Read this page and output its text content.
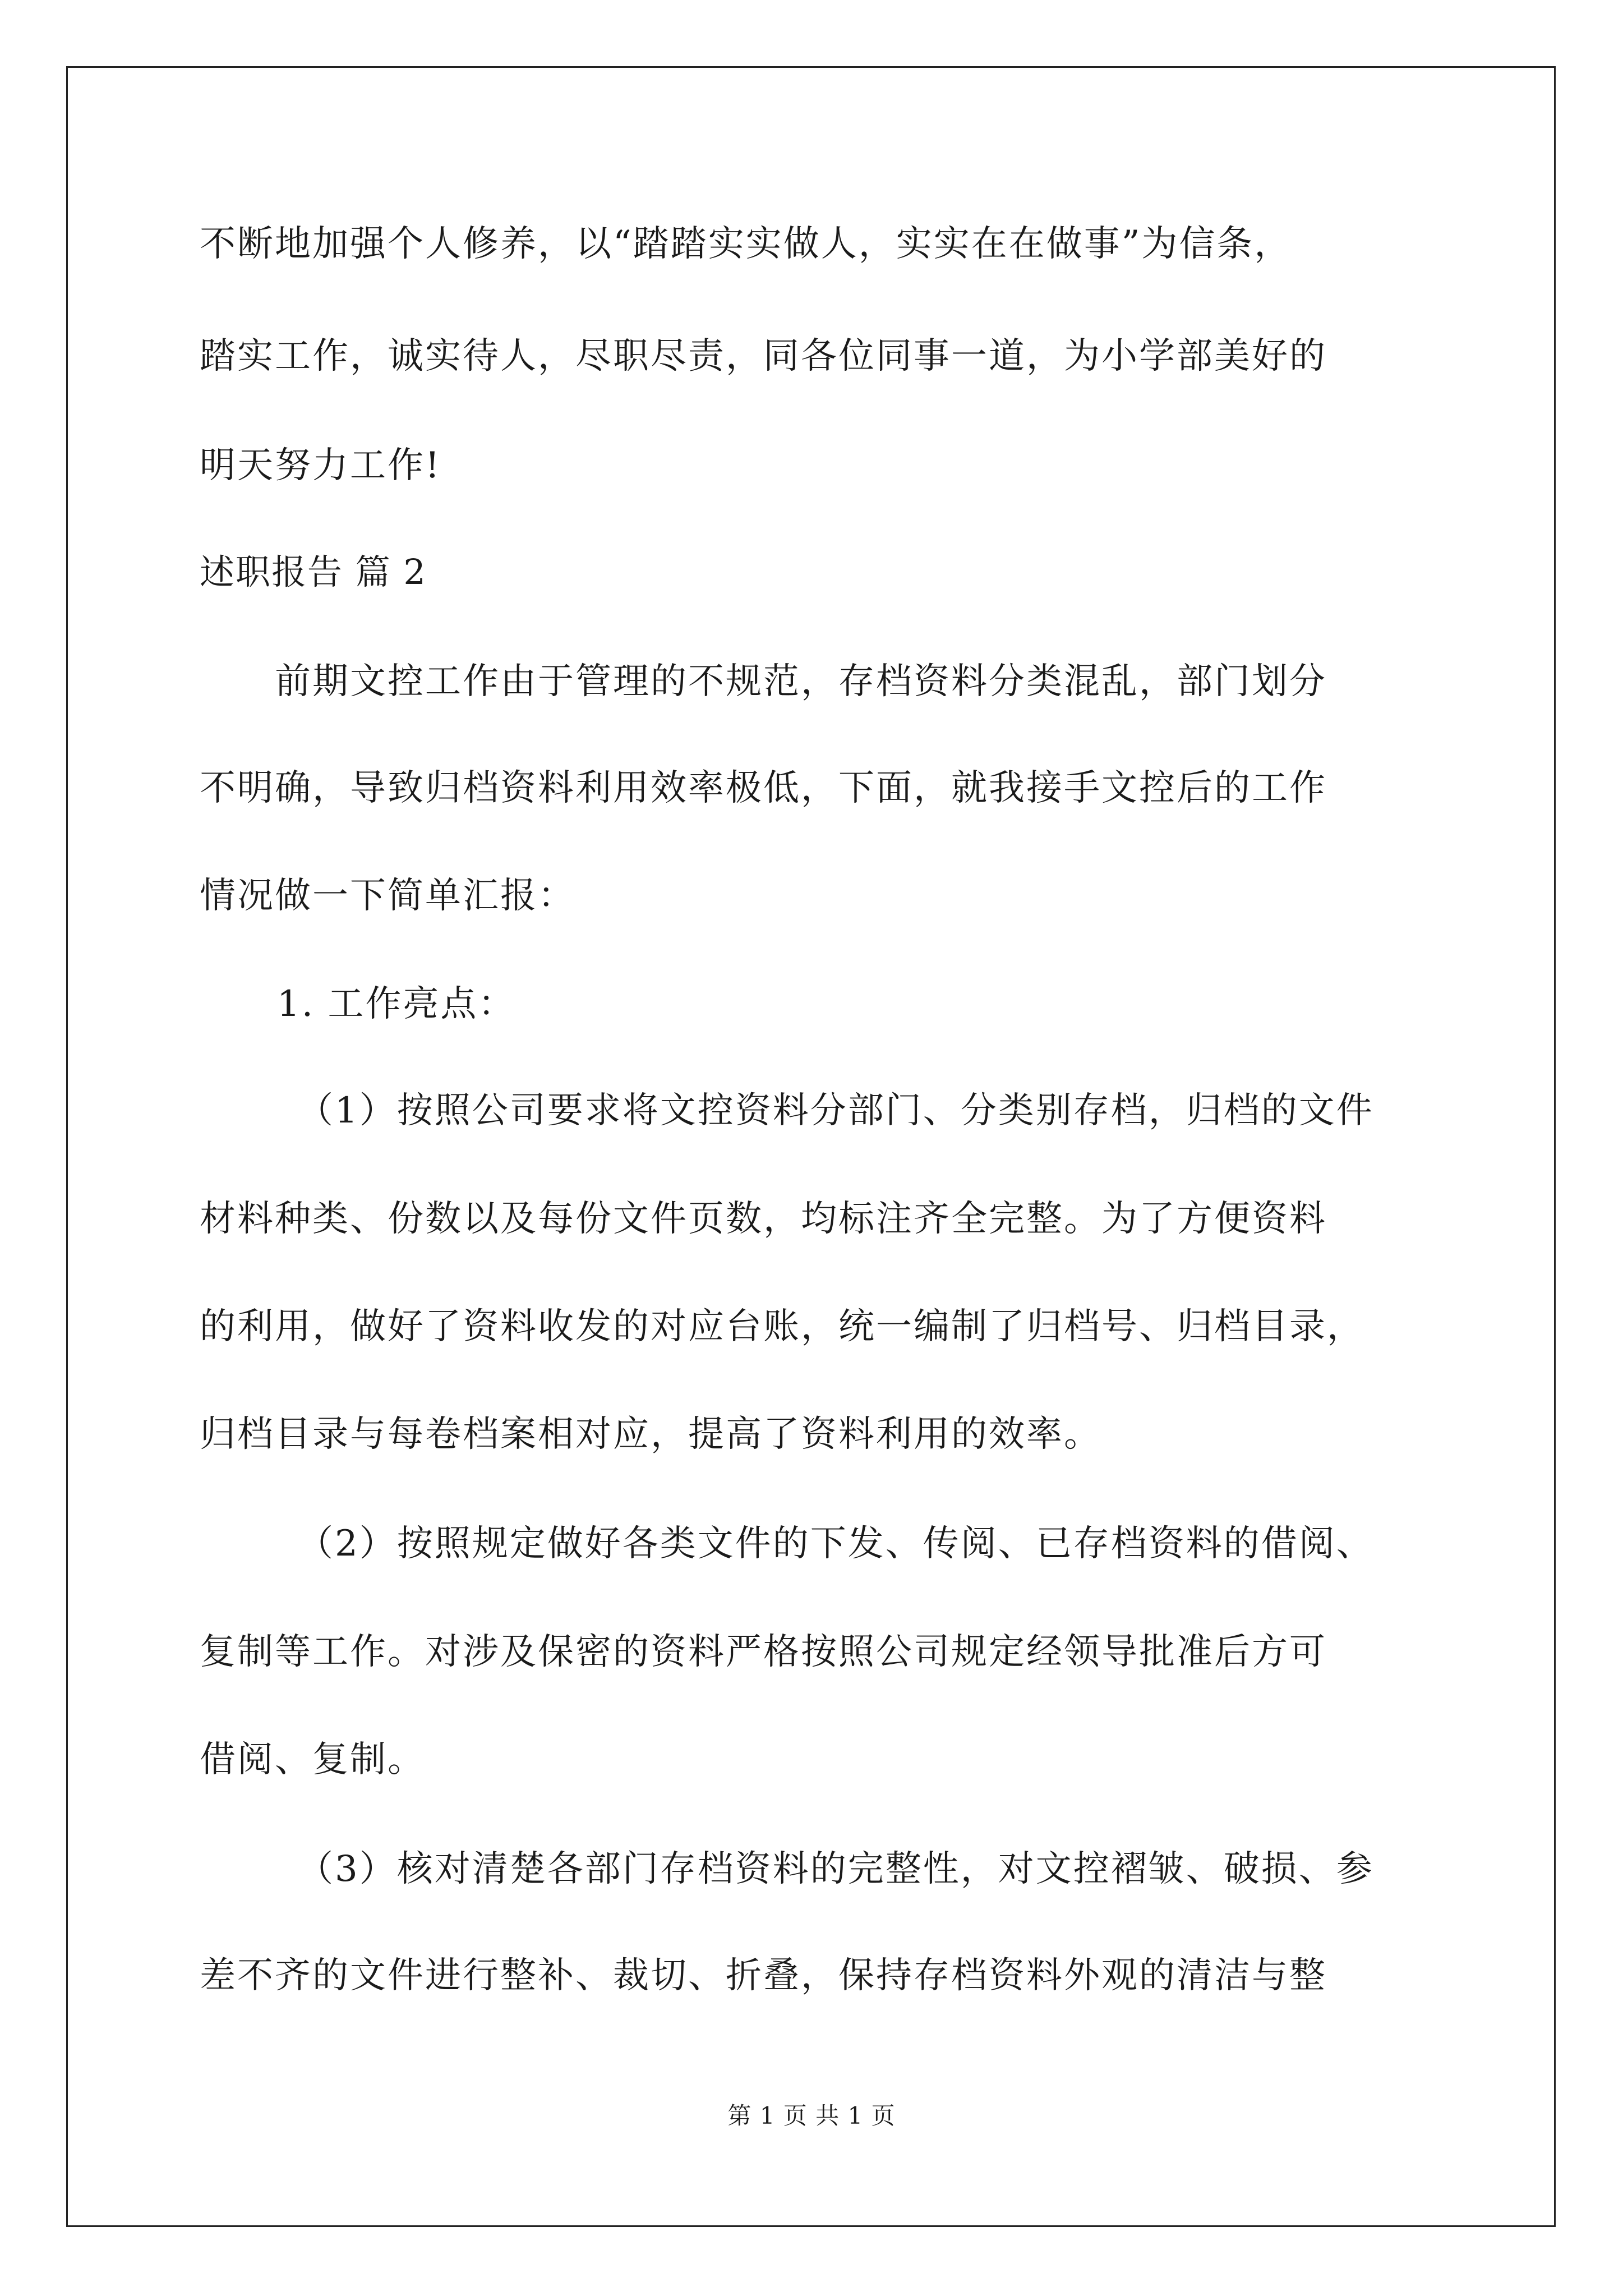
不断地加强个人修养，以“踏踏实实做人，实实在在做事”为信条，
踏实工作，诚实待人，尽职尽责，同各位同事一道，为小学部美好的
明天努力工作!
述职报告 篇 2
前期文控工作由于管理的不规范，存档资料分类混乱，部门划分
不明确，导致归档资料利用效率极低，下面，就我接手文控后的工作
情况做一下简单汇报：
1. 工作亮点：
（1）按照公司要求将文控资料分部门、分类别存档，归档的文件
材料种类、份数以及每份文件页数，均标注齐全完整。为了方便资料
的利用，做好了资料收发的对应台账，统一编制了归档号、归档目录，
归档目录与每卷档案相对应，提高了资料利用的效率。
（2）按照规定做好各类文件的下发、传阅、已存档资料的借阅、
复制等工作。对涉及保密的资料严格按照公司规定经领导批准后方可
借阅、复制。
（3）核对清楚各部门存档资料的完整性，对文控褶皱、破损、参
差不齐的文件进行整补、裁切、折叠，保持存档资料外观的清洁与整
第 1 页 共 1 页
